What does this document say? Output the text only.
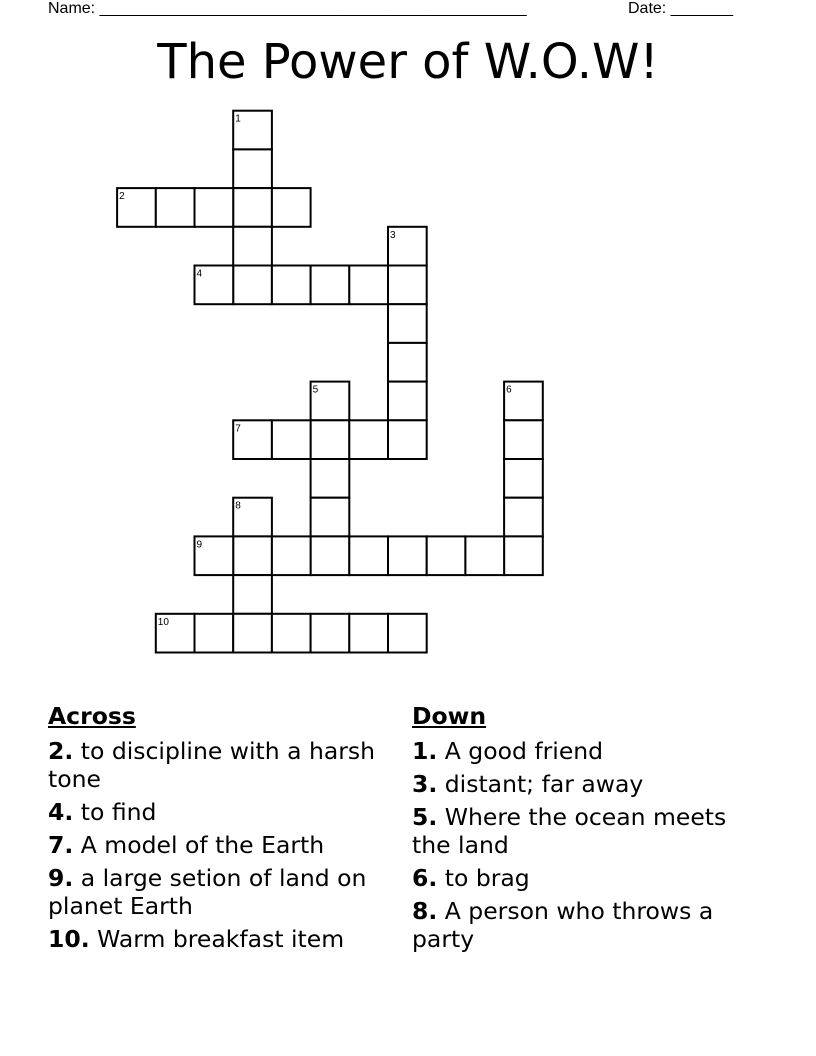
Name: ________________________________________________	Date: _______
The Power of W.O.W!
1
2
3
4
5	6
7
8
9
10
Across
2. to discipline with a harsh tone
4. to find
7. A model of the Earth
9. a large setion of land on planet Earth
10. Warm breakfast item
Down
1. A good friend
3. distant; far away
5. Where the ocean meets the land
6. to brag
8. A person who throws a party
